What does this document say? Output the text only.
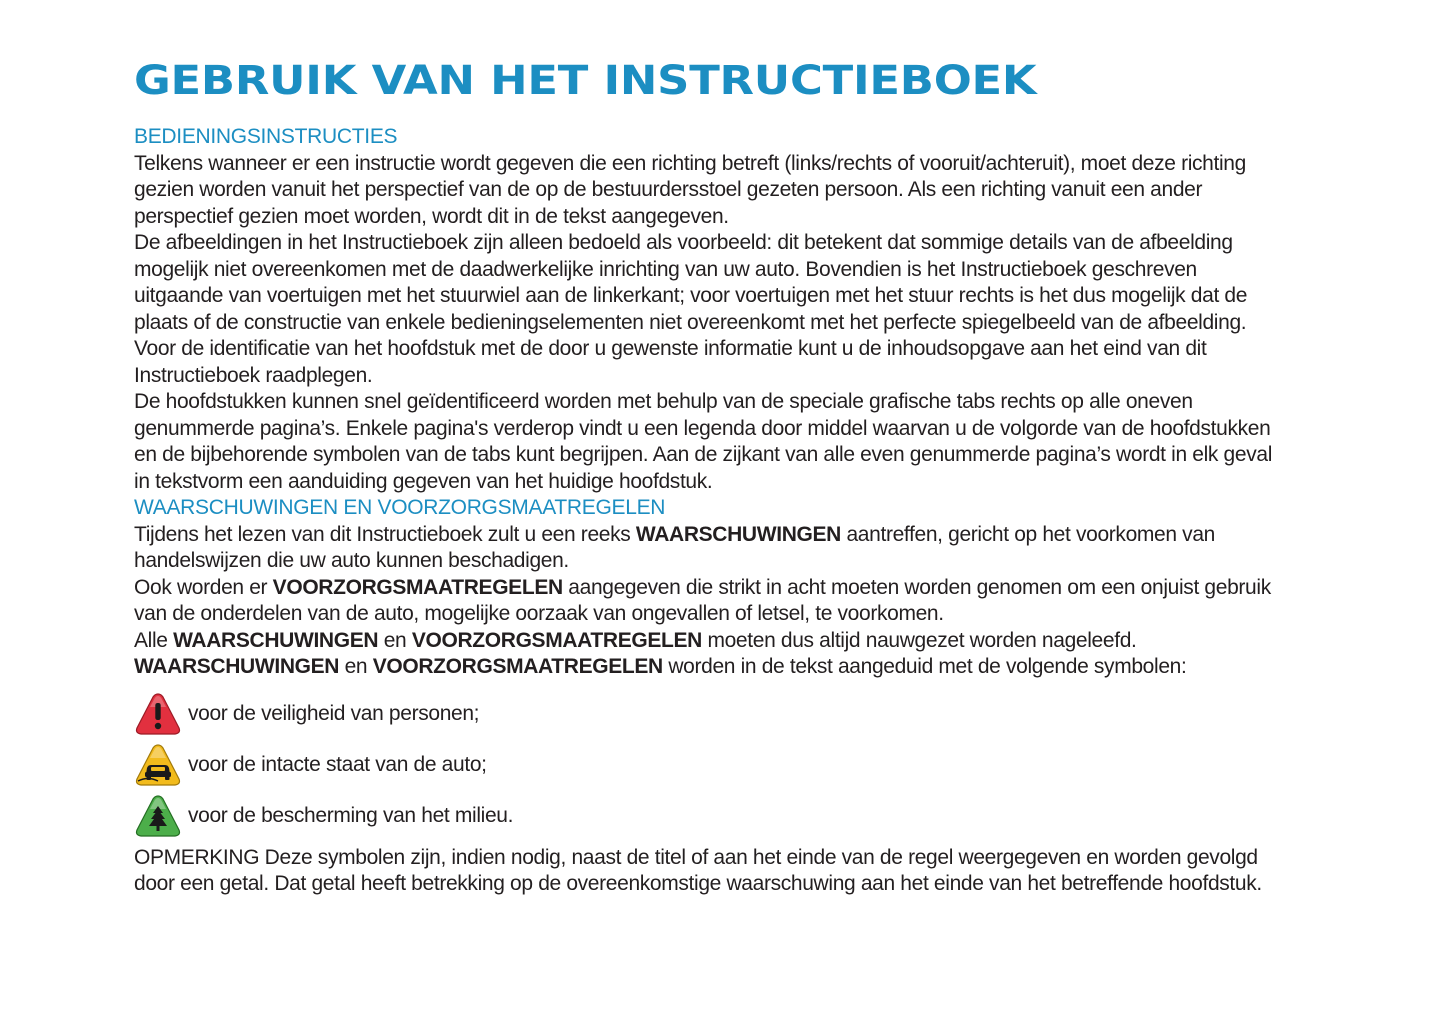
GEBRUIK VAN HET INSTRUCTIEBOEK
BEDIENINGSINSTRUCTIES

Telkens wanneer er een instructie wordt gegeven die een richting betreft (links/rechts of vooruit/achteruit), moet deze richting
gezien worden vanuit het perspectief van de op de bestuurdersstoel gezeten persoon. Als een richting vanuit een ander
perspectief gezien moet worden, wordt dit in de tekst aangegeven.

De afbeeldingen in het Instructieboek zijn alleen bedoeld als voorbeeld: dit betekent dat sommige details van de afbeelding
mogelijk niet overeenkomen met de daadwerkelijke inrichting van uw auto. Bovendien is het Instructieboek geschreven
uitgaande van voertuigen met het stuurwiel aan de linkerkant; voor voertuigen met het stuur rechts is het dus mogelijk dat de
plaats of de constructie van enkele bedieningselementen niet overeenkomt met het perfecte spiegelbeeld van de afbeelding.

Voor de identificatie van het hoofdstuk met de door u gewenste informatie kunt u de inhoudsopgave aan het eind van dit
Instructieboek raadplegen.

De hoofdstukken kunnen snel geïdentificeerd worden met behulp van de speciale grafische tabs rechts op alle oneven
genummerde pagina’s. Enkele pagina's verderop vindt u een legenda door middel waarvan u de volgorde van de hoofdstukken
en de bijbehorende symbolen van de tabs kunt begrijpen. Aan de zijkant van alle even genummerde pagina’s wordt in elk geval
in tekstvorm een aanduiding gegeven van het huidige hoofdstuk.

WAARSCHUWINGEN EN VOORZORGSMAATREGELEN

Tijdens het lezen van dit Instructieboek zult u een reeks WAARSCHUWINGEN aantreffen, gericht op het voorkomen van
handelswijzen die uw auto kunnen beschadigen.

Ook worden er VOORZORGSMAATREGELEN aangegeven die strikt in acht moeten worden genomen om een onjuist gebruik
van de onderdelen van de auto, mogelijke oorzaak van ongevallen of letsel, te voorkomen.

Alle WAARSCHUWINGEN en VOORZORGSMAATREGELEN moeten dus altijd nauwgezet worden nageleefd.

WAARSCHUWINGEN en VOORZORGSMAATREGELEN worden in de tekst aangeduid met de volgende symbolen:

voor de veiligheid van personen;
voor de intacte staat van de auto;
voor de bescherming van het milieu.

OPMERKING Deze symbolen zijn, indien nodig, naast de titel of aan het einde van de regel weergegeven en worden gevolgd
door een getal. Dat getal heeft betrekking op de overeenkomstige waarschuwing aan het einde van het betreffende hoofdstuk.
